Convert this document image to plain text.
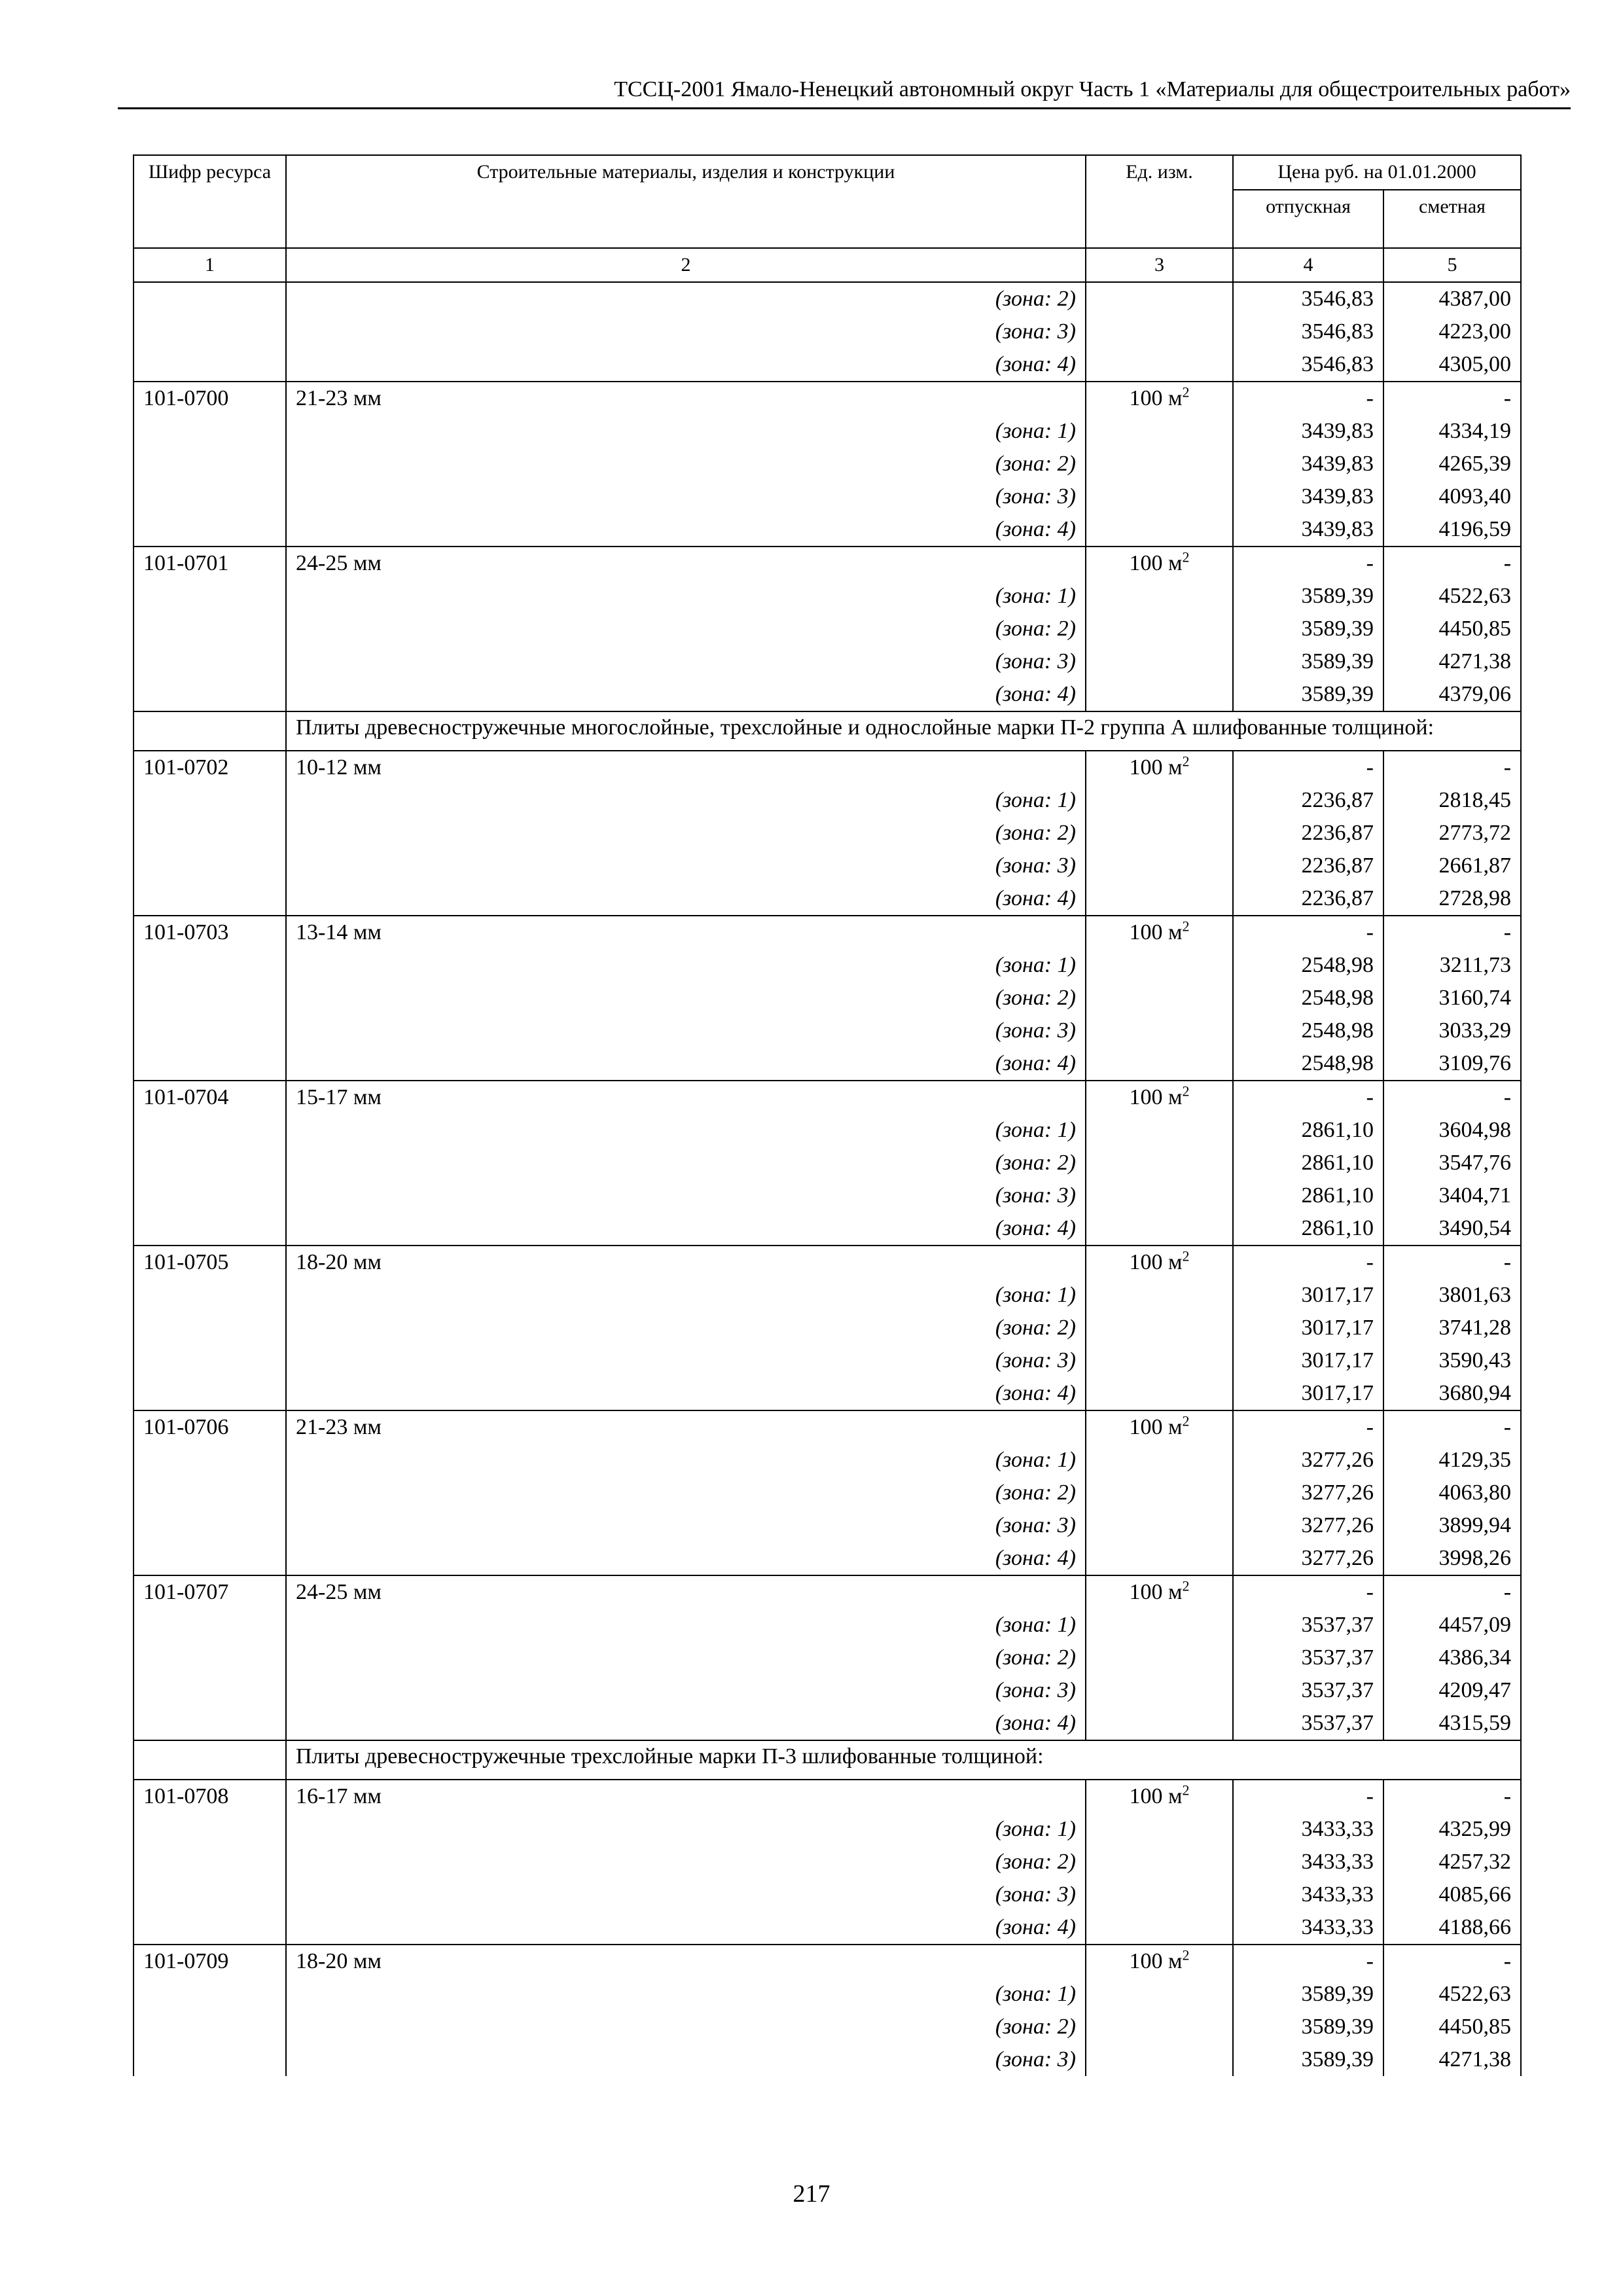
ТССЦ-2001 Ямало-Ненецкий автономный округ Часть 1 «Материалы для общестроительных работ»
Шифр ресурса	Строительные материалы, изделия и конструкции	Ед. изм.	Цена руб. на 01.01.2000	
			отпускная	сметная
1	2	3	4	5
	(зона: 2)		3546,83	4387,00
	(зона: 3)		3546,83	4223,00
	(зона: 4)		3546,83	4305,00
101-0700	21-23 мм	100 $м^2$	-	-
	(зона: 1)		3439,83	4334,19
	(зона: 2)		3439,83	4265,39
	(зона: 3)		3439,83	4093,40
	(зона: 4)		3439,83	4196,59
101-0701	24-25 мм	100 $м^2$	-	-
	(зона: 1)		3589,39	4522,63
	(зона: 2)		3589,39	4450,85
	(зона: 3)		3589,39	4271,38
	(зона: 4)		3589,39	4379,06
	Плиты древесностружечные многослойные, трехслойные и однослойные марки П-2 группа А шлифованные толщиной:			
101-0702	10-12 мм	100 $м^2$	-	-
	(зона: 1)		2236,87	2818,45
	(зона: 2)		2236,87	2773,72
	(зона: 3)		2236,87	2661,87
	(зона: 4)		2236,87	2728,98
101-0703	13-14 мм	100 $м^2$	-	-
	(зона: 1)		2548,98	3211,73
	(зона: 2)		2548,98	3160,74
	(зона: 3)		2548,98	3033,29
	(зона: 4)		2548,98	3109,76
101-0704	15-17 мм	100 $м^2$	-	-
	(зона: 1)		2861,10	3604,98
	(зона: 2)		2861,10	3547,76
	(зона: 3)		2861,10	3404,71
	(зона: 4)		2861,10	3490,54
101-0705	18-20 мм	100 $м^2$	-	-
	(зона: 1)		3017,17	3801,63
	(зона: 2)		3017,17	3741,28
	(зона: 3)		3017,17	3590,43
	(зона: 4)		3017,17	3680,94
101-0706	21-23 мм	100 $м^2$	-	-
	(зона: 1)		3277,26	4129,35
	(зона: 2)		3277,26	4063,80
	(зона: 3)		3277,26	3899,94
	(зона: 4)		3277,26	3998,26
101-0707	24-25 мм	100 $м^2$	-	-
	(зона: 1)		3537,37	4457,09
	(зона: 2)		3537,37	4386,34
	(зона: 3)		3537,37	4209,47
	(зона: 4)		3537,37	4315,59
	Плиты древесностружечные трехслойные марки П-3 шлифованные толщиной:			
101-0708	16-17 мм	100 $м^2$	-	-
	(зона: 1)		3433,33	4325,99
	(зона: 2)		3433,33	4257,32
	(зона: 3)		3433,33	4085,66
	(зона: 4)		3433,33	4188,66
101-0709	18-20 мм	100 $м^2$	-	-
	(зона: 1)		3589,39	4522,63
	(зона: 2)		3589,39	4450,85
	(зона: 3)		3589,39	4271,38
217
